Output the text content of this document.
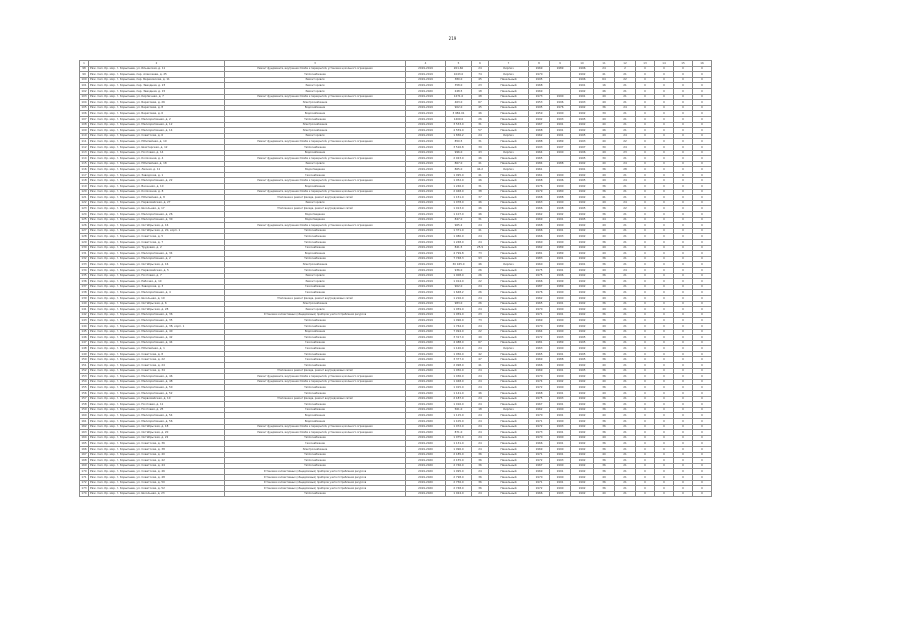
219
1	2	3	4	5	6	7	8	9	10	11	12	13	14	15	16
98	Ряж. Сел. Кр. мкр. г. Корыпшев, ул. Ильинская, д. 11	Ремонт фундамента, внутренних бомба и перекрытий, установка цокольного ограждения	2019-2019	201.60	24	Кирпич	1969	1989	1996	24	2	0	0	0	0
99	Ряж. Сел. Кр. мкр. г. Корыпшев, пер. Алексеева, д. 25	Теплоснабжение	2019-2019	1043.0	74	Кирпич	1970		1992	41	21	0	0	0	0
100	Ряж. Сел. Кр. мкр. г. Корыпшев, пер. Березовская, д. 11	Ремонт кровли	2019-2019	380.0	45	Панельный	1995		1996	64	22	0	0	0	0
101	Ряж. Сел. Кр. мкр. г. Корыпшев, пер. Звездная, д. 23	Ремонт кровли	2019-2019	358.0	23	Панельный	1968		1991	16	21	0	0	0	0
102	Ряж. Сел. Кр. мкр. г. Корыпшев, пер. Звездная, д. 15	Ремонт кровли	2019-2020	248.5	18	Панельный	1969		1992	46	21	0	0	0	0
103	Ряж. Сел. Кр. мкр. г. Корыпшев, ул. Кирпичная, д. 7	Ремонт фундамента, внутренних бомба и перекрытий, установка цокольного ограждения	2019-2019	1271.0	48	Панельный	1973	1990	1991	49	21	0	0	0	0
104	Ряж. Сел. Кр. мкр. г. Корыпшев, ул. Береговая, д. 26	Электроснабжение	2019-2019	463.0	67	Панельный	1953	1996	1993	49	21	0	0	0	0
105	Ряж. Сел. Кр. мкр. г. Корыпшев, ул. Береговая, д. 8	Водоснабжение	2019-2019	902.0	45	Панельный	1995	1976	1992	36	24	0	0	0	0
106	Ряж. Сел. Кр. мкр. г. Корыпшев, ул. Береговая, д. 6	Водоснабжение	2019-2019	3 982.01	46	Панельный	1959	1990	1992	39	21	0	0	0	0
107	Ряж. Сел. Кр. мкр. г. Корыпшев, ул. Мелиоративная, д. 2	Теплоснабжение	2019-2019	1409.0	26	Панельный	1992	1993	1995	49	21	0	0	0	0
108	Ряж. Сел. Кр. мкр. г. Корыпшев, ул. Мелиоративная, д. 12	Электроснабжение	2019-2019	3 533.0	31	Панельный	1967	1991	1992	40	21	0	0	0	0
109	Ряж. Сел. Кр. мкр. г. Корыпшев, ул. Мелиоративная, д. 14	Электроснабжение	2019-2019	4 559.0	57	Панельный	1968	1991	1992	46	21	0	0	0	0
110	Ряж. Сел. Кр. мкр. г. Корыпшев, ул. Советская, д. 6	Ремонт кровли	2019-2019	1 836.2	24	Кирпич	1962	1991	1995	49	24	0	0	0	0
111	Ряж. Сел. Кр. мкр. г. Корыпшев, ул. Юбилейная, д. 19	Ремонт фундамента, внутренних бомба и перекрытий, установка цокольного ограждения	2019-2019	850.5	31	Панельный	1988	1989	1993	40	22	0	0	0	0
112	Ряж. Сел. Кр. мкр. г. Корыпшев, ул. Шахтерская, д. 12	Теплоснабжение	2019-2019	3 516.8	39	Панельный	1993	1997	1997	30	24	0	0	0	0
113	Ряж. Сел. Кр. мкр. г. Корыпшев, ул. Почтовая, д. 14	Водоснабжение	2019-2019	996.0	43	Кирпич	1964	1990	1996	49	23	0	0	0	0
114	Ряж. Сел. Кр. мкр. г. Корыпшев, ул. Колхозная, д. 4	Ремонт фундамента, внутренних бомба и перекрытий, установка цокольного ограждения	2019-2019	2 023.0	46	Панельный	1965		1995	30	21	0	0	0	0
115	Ряж. Сел. Кр. мкр. г. Корыпшев, ул. Юбилейная, д. 18	Ремонт кровли	2019-2019	867.0	41	Панельный	1984	1988	1992	40	24	0	0	0	0
116	Ряж. Сел. Кр. мкр. г. Корыпшев, ул. Лесная, д. 11	Водоотведение	2019-2019	865.0	44.2	Кирпич	1961		1991	36	28	0	0	0	0
117	Ряж. Сел. Кр. мкр. г. Корыпшев, ул. Заводская, д. 1	Газоснабжение	2019-2019	1 095.0	41	Панельный	1961	1990	1992	49	21	0	0	0	0
118	Ряж. Сел. Кр. мкр. г. Корыпшев, ул. Мелиоративная, д. 22	Ремонт фундамента, внутренних бомба и перекрытий, установка цокольного ограждения	2019-2019	1 052.0	46	Панельный	1968	1996	1995	49	24	0	0	0	0
119	Ряж. Сел. Кр. мкр. г. Корыпшев, ул. Весенняя, д. 10	Водоснабжение	2019-2019	1 246.0	31	Панельный	1976	1990	1992	36	21	0	0	0	0
120	Ряж. Сел. Кр. мкр. г. Корыпшев, ул. Колхозная, д. 8	Ремонт фундамента, внутренних бомба и перекрытий, установка цокольного ограждения	2019-2019	2 048.0	38	Панельный	1979	1980	1992	36	21	0	0	0	0
121	Ряж. Сел. Кр. мкр. г. Корыпшев, ул. Юбилейная, д. 8	Утепление и ремонт фасада, ремонт внутридомовых сетей	2019-2019	1 151.0	37	Панельный	1968	1988	1992	41	21	0	0	0	0
122	Ряж. Сел. Кр. мкр. г. Корыпшев, ул. Первомайская, д. 27	Ремонт кровли	2019-2019	1 078.0	46	Панельный	1963	1990	1992	49	24	0	0	0	0
123	Ряж. Сел. Кр. мкр. г. Корыпшев, ул. Школьная, д. 17	Утепление и ремонт фасада, ремонт внутридомовых сетей	2019-2019	1 013.0	46	Панельный	1966	1998	1995	36	22	0	0	0	0
124	Ряж. Сел. Кр. мкр. г. Корыпшев, ул. Мелиоративная, д. 26	Водоотведение	2019-2019	1 107.0	46	Панельный	1962	1992	1992	36	21	0	0	0	0
125	Ряж. Сел. Кр. мкр. г. Корыпшев, ул. Мелиоративная, д. 30	Водоотведение	2019-2019	847.0	31	Панельный	1969	1991	1995	44	21	0	0	0	0
126	Ряж. Сел. Кр. мкр. г. Корыпшев, ул. Октябрьская, д. 16	Ремонт фундамента, внутренних бомба и перекрытий, установка цокольного ограждения	2019-2019	965.2	24	Панельный	1968	1990	1992	49	21	0	0	0	0
127	Ряж. Сел. Кр. мкр. г. Корыпшев, ул. Октябрьская, д. 20, корп. 1	Теплоснабжение	2019-2019	1 371.0	41	Панельный	1966	1991	1992	40	21	0	0	0	0
128	Ряж. Сел. Кр. мкр. г. Корыпшев, ул. Советская, д. 5	Теплоснабжение	2019-2019	1 080.0	24	Панельный	1966	1993	1992	40	21	0	0	0	0
129	Ряж. Сел. Кр. мкр. г. Корыпшев, ул. Советская, д. 7	Теплоснабжение	2019-2019	1 248.0	24	Панельный	1960	1990	1992	36	21	0	0	0	0
130	Ряж. Сел. Кр. мкр. г. Корыпшев, ул. Трудовая, д. 2	Газоснабжение	2019-2019	841.5	25.9	Панельный	1962	1989	1992	49	21	0	0	0	0
131	Ряж. Сел. Кр. мкр. г. Корыпшев, ул. Мелиоративная, д. 34	Водоснабжение	2019-2019	4 799.8	73	Панельный	1981	1989	1992	49	21	0	0	0	0
132	Ряж. Сел. Кр. мкр. г. Корыпшев, ул. Мелиоративная, д. 2	Теплоснабжение	2019-2019	7 748.3	93	Панельный	1983	1991	1992	36	21	0	0	0	0
133	Ряж. Сел. Кр. мкр. г. Корыпшев, ул. Октябрьская, д. 16	Электроснабжение	2019-2019	30 165.0	46	Кирпич	1960	1990	1991	36	21	0	0	0	0
134	Ряж. Сел. Кр. мкр. г. Корыпшев, ул. Первомайская, д. 5	Теплоснабжение	2019-2019	936.0	26	Панельный	1975	1991	1992	49	24	0	0	0	0
135	Ряж. Сел. Кр. мкр. г. Корыпшев, ул. Почтовая, д. 7	Ремонт кровли	2019-2019	1 008.0	26	Панельный	1975	1996	1992	36	21	0	0	0	0
136	Ряж. Сел. Кр. мкр. г. Корыпшев, ул. Рабочая, д. 10	Ремонт кровли	2019-2019	1 014.0	22	Панельный	1966	1999	1992	36	21	0	0	0	0
137	Ряж. Сел. Кр. мкр. г. Корыпшев, ул. Заводская, д. 3	Газоснабжение	2019-2019	902.0	24	Панельный	1987	1989	1992	40	21	0	0	0	0
138	Ряж. Сел. Кр. мкр. г. Корыпшев, ул. Мелиоративная, д. 4	Газоснабжение	2019-2019	1 648.2	26	Панельный	1976	1990	1992	36	21	0	0	0	0
139	Ряж. Сел. Кр. мкр. г. Корыпшев, ул. Школьная, д. 19	Утепление и ремонт фасада, ремонт внутридомовых сетей	2019-2019	1 216.0	24	Панельный	1962	1990	1992	49	21	0	0	0	0
140	Ряж. Сел. Кр. мкр. г. Корыпшев, ул. Октябрьская, д. 6	Электроснабжение	2019-2019	983.0	26	Панельный	1965	1991	1992	36	21	0	0	0	0
141	Ряж. Сел. Кр. мкр. г. Корыпшев, ул. Октябрьская, д. 28	Ремонт кровли	2019-2020	1 059.0	24	Панельный	1970	1990	1992	49	21	0	0	0	0
142	Ряж. Сел. Кр. мкр. г. Корыпшев, ул. Мелиоративная, д. 36	Установка коллективных (общедомовых) приборов учета потребления ресурсов	2019-2019	1 059.0	23	Панельный	1971	1991	1992	36	21	0	0	0	0
143	Ряж. Сел. Кр. мкр. г. Корыпшев, ул. Мелиоративная, д. 35	Теплоснабжение	2019-2019	1 096.0	73	Панельный	1969	1990	1992	36	21	0	0	0	0
144	Ряж. Сел. Кр. мкр. г. Корыпшев, ул. Мелиоративная, д. 38, корп. 1	Теплоснабжение	2019-2020	1 764.0	24	Панельный	1970	1989	1992	49	21	0	0	0	0
145	Ряж. Сел. Кр. мкр. г. Корыпшев, ул. Мелиоративная, д. 40	Водоснабжение	2019-2020	7 094.0	22	Панельный	1964	1990	1992	36	21	0	0	0	0
146	Ряж. Сел. Кр. мкр. г. Корыпшев, ул. Мелиоративная, д. 42	Теплоснабжение	2019-2020	3 317.0	49	Панельный	1972	1993	1995	40	21	0	0	0	0
147	Ряж. Сел. Кр. мкр. г. Корыпшев, ул. Мелиоративная, д. 44	Газоснабжение	2019-2020	4 488.0	67	Панельный	1981	1989	1995	36	21	0	0	0	0
148	Ряж. Сел. Кр. мкр. г. Корыпшев, ул. Юбилейная, д. 1	Газоснабжение	2019-2020	1 120.0	24	Кирпич	1963	1990	1992	49	21	0	0	0	0
149	Ряж. Сел. Кр. мкр. г. Корыпшев, ул. Советская, д. 8	Теплоснабжение	2019-2020	1 056.0	42	Панельный	1965	1991	1995	36	21	0	0	0	0
150	Ряж. Сел. Кр. мкр. г. Корыпшев, ул. Советская, д. 22	Газоснабжение	2019-2020	3 377.0	47	Панельный	1969	1988	1995	36	21	0	0	0	0
151	Ряж. Сел. Кр. мкр. г. Корыпшев, ул. Советская, д. 24	Теплоснабжение	2019-2020	2 098.0	41	Панельный	1966	1990	1992	40	21	0	0	0	0
152	Ряж. Сел. Кр. мкр. г. Корыпшев, ул. Советская, д. 34	Утепление и ремонт фасада, ремонт внутридомовых сетей	2019-2020	1 050.0	24	Панельный	1969	1991	1995	36	21	0	0	0	0
153	Ряж. Сел. Кр. мкр. г. Корыпшев, ул. Мелиоративная, д. 46	Ремонт фундамента, внутренних бомба и перекрытий, установка цокольного ограждения	2019-2020	1 036.0	24	Панельный	1970	1990	1992	36	21	0	0	0	0
154	Ряж. Сел. Кр. мкр. г. Корыпшев, ул. Мелиоративная, д. 48	Ремонт фундамента, внутренних бомба и перекрытий, установка цокольного ограждения	2019-2020	1 048.0	24	Панельный	1974	1992	1992	40	21	0	0	0	0
155	Ряж. Сел. Кр. мкр. г. Корыпшев, ул. Мелиоративная, д. 50	Теплоснабжение	2019-2020	1 015.0	24	Панельный	1972	1990	1992	36	21	0	0	0	0
156	Ряж. Сел. Кр. мкр. г. Корыпшев, ул. Мелиоративная, д. 52	Теплоснабжение	2019-2020	1 141.0	46	Панельный	1968	1991	1992	49	21	0	0	0	0
157	Ряж. Сел. Кр. мкр. г. Корыпшев, ул. Первомайская, д. 10	Утепление и ремонт фасада, ремонт внутридомовых сетей	2019-2020	2 187.0	24	Панельный	1975	1993	1992	36	21	0	0	0	0
158	Ряж. Сел. Кр. мкр. г. Корыпшев, ул. Почтовая, д. 11	Теплоснабжение	2019-2020	1 016.0	24	Панельный	1967	1991	1992	36	21	0	0	0	0
159	Ряж. Сел. Кр. мкр. г. Корыпшев, ул. Почтовая, д. 25	Газоснабжение	2019-2020	561.0	18	Кирпич	1962	1990	1992	36	21	0	0	0	0
160	Ряж. Сел. Кр. мкр. г. Корыпшев, ул. Мелиоративная, д. 54	Водоснабжение	2019-2020	1 115.0	24	Панельный	1970	1991	1992	40	21	0	0	0	0
161	Ряж. Сел. Кр. мкр. г. Корыпшев, ул. Мелиоративная, д. 56	Водоснабжение	2019-2020	1 105.0	24	Панельный	1971	1990	1992	36	21	0	0	0	0
162	Ряж. Сел. Кр. мкр. г. Корыпшев, ул. Октябрьская, д. 18	Ремонт фундамента, внутренних бомба и перекрытий, установка цокольного ограждения	2019-2020	1 072.0	24	Панельный	1972	1993	1992	36	21	0	0	0	0
163	Ряж. Сел. Кр. мкр. г. Корыпшев, ул. Октябрьская, д. 20	Ремонт фундамента, внутренних бомба и перекрытий, установка цокольного ограждения	2019-2020	871.0	24	Панельный	1973	1991	1992	36	21	0	0	0	0
164	Ряж. Сел. Кр. мкр. г. Корыпшев, ул. Октябрьская, д. 22	Теплоснабжение	2019-2020	1 075.0	24	Панельный	1970	1990	1992	49	21	0	0	0	0
165	Ряж. Сел. Кр. мкр. г. Корыпшев, ул. Советская, д. 36	Газоснабжение	2019-2020	1 131.0	24	Панельный	1966	1991	1992	36	21	0	0	0	0
166	Ряж. Сел. Кр. мкр. г. Корыпшев, ул. Советская, д. 38	Электроснабжение	2019-2020	1 096.0	24	Панельный	1969	1990	1992	36	21	0	0	0	0
167	Ряж. Сел. Кр. мкр. г. Корыпшев, ул. Советская, д. 40	Теплоснабжение	2019-2020	2 185.0	36	Панельный	1971	1991	1992	40	21	0	0	0	0
168	Ряж. Сел. Кр. мкр. г. Корыпшев, ул. Советская, д. 42	Теплоснабжение	2019-2020	2 155.0	36	Панельный	1972	1993	1992	36	21	0	0	0	0
169	Ряж. Сел. Кр. мкр. г. Корыпшев, ул. Советская, д. 44	Теплоснабжение	2019-2020	2 746.0	36	Панельный	1967	1990	1992	36	21	0	0	0	0
170	Ряж. Сел. Кр. мкр. г. Корыпшев, ул. Советская, д. 46	Установка коллективных (общедомовых) приборов учета потребления ресурсов	2019-2020	1 095.0	24	Панельный	1969	1991	1992	36	21	0	0	0	0
171	Ряж. Сел. Кр. мкр. г. Корыпшев, ул. Советская, д. 48	Установка коллективных (общедомовых) приборов учета потребления ресурсов	2019-2020	2 798.0	36	Панельный	1970	1990	1992	49	21	0	0	0	0
172	Ряж. Сел. Кр. мкр. г. Корыпшев, ул. Советская, д. 50	Установка коллективных (общедомовых) приборов учета потребления ресурсов	2019-2020	2 756.0	36	Панельный	1971	1991	1992	36	21	0	0	0	0
173	Ряж. Сел. Кр. мкр. г. Корыпшев, ул. Советская, д. 52	Установка коллективных (общедомовых) приборов учета потребления ресурсов	2019-2020	2 748.0	36	Панельный	1972	1990	1992	36	21	0	0	0	0
174	Ряж. Сел. Кр. мкр. г. Корыпшев, ул. Школьная, д. 23	Теплоснабжение	2019-2020	1 024.0	24	Панельный	1966	1993	1992	40	21	0	0	0	0
